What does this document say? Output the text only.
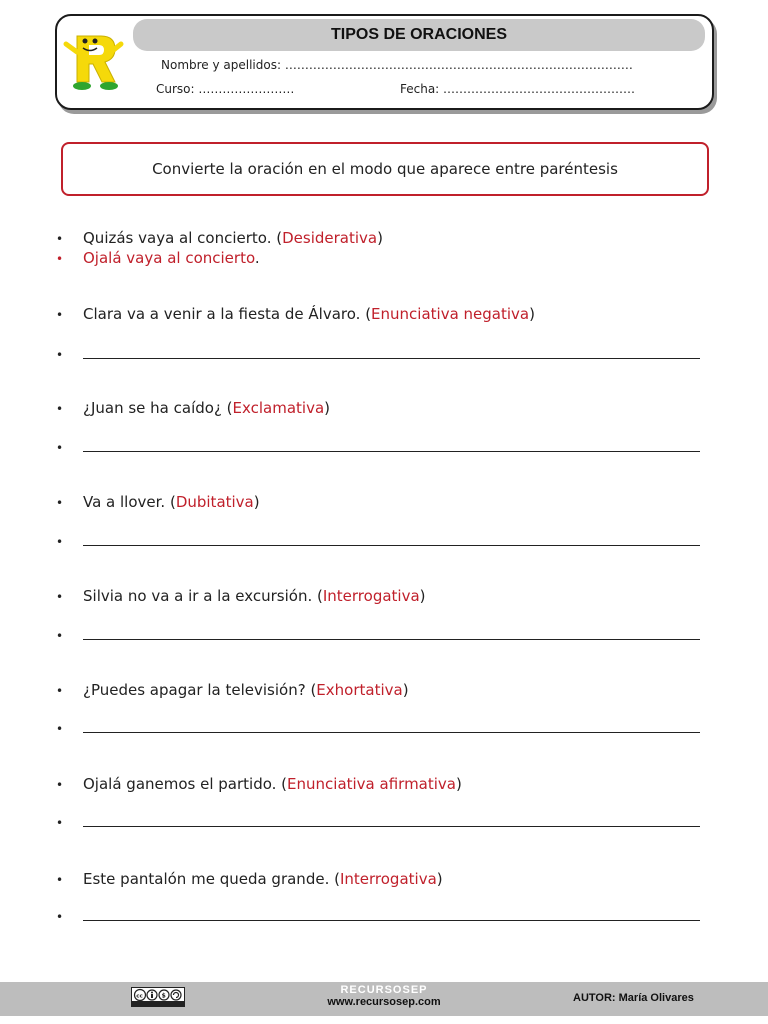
TIPOS DE ORACIONES
Nombre y apellidos: ……………………………………………………………………………
Curso: ……………………	Fecha: …………………………………………
Convierte la oración en el modo que aparece entre paréntesis
• Quizás vaya al concierto. (Desiderativa)
• Ojalá vaya al concierto.
• Clara va a venir a la fiesta de Álvaro. (Enunciativa negativa)
•
• ¿Juan se ha caído¿ (Exclamativa)
•
• Va a llover. (Dubitativa)
•
• Silvia no va a ir a la excursión. (Interrogativa)
•
• ¿Puedes apagar la televisión? (Exhortativa)
•
• Ojalá ganemos el partido. (Enunciativa afirmativa)
•
• Este pantalón me queda grande. (Interrogativa)
•
cc	$	RECURSOSEP
www.recursosep.com	AUTOR: María Olivares
